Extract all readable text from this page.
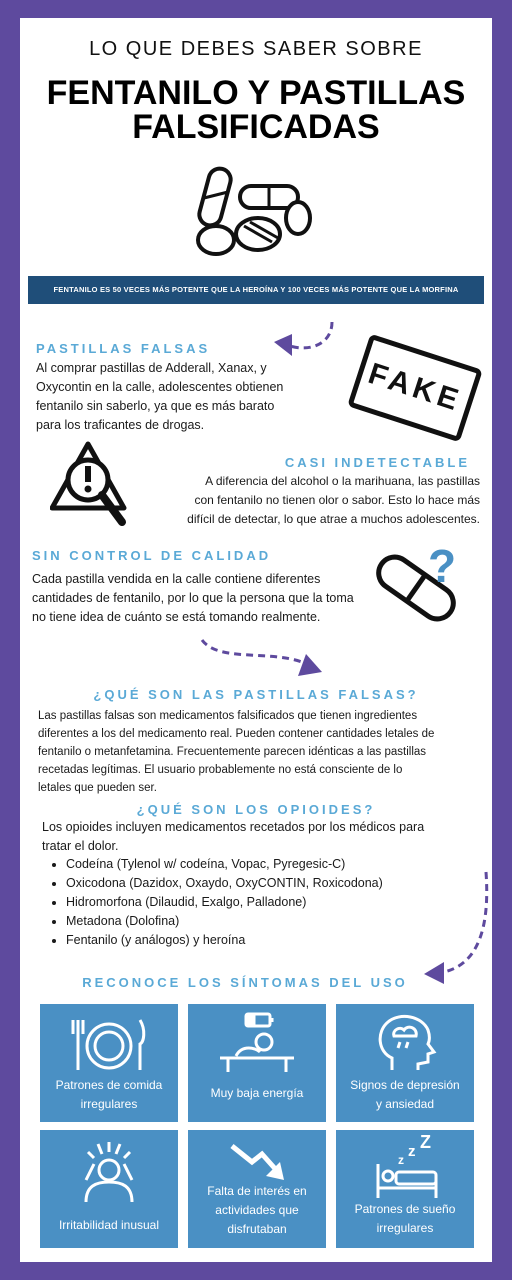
LO QUE DEBES SABER SOBRE
FENTANILO Y PASTILLAS
FALSIFICADAS
FENTANILO ES 50 VECES MÁS POTENTE QUE LA HEROÍNA Y 100 VECES MÁS POTENTE QUE LA MORFINA
PASTILLAS FALSAS
Al comprar pastillas de Adderall, Xanax, y
Oxycontin en la calle, adolescentes obtienen
fentanilo sin saberlo, ya que es más barato
para los traficantes de drogas.
FAKE
CASI INDETECTABLE
A diferencia del alcohol o la marihuana, las pastillas
con fentanilo no tienen olor o sabor. Esto lo hace más
difícil de detectar, lo que atrae a muchos adolescentes.
SIN CONTROL DE CALIDAD
Cada pastilla vendida en la calle contiene diferentes
cantidades de fentanilo, por lo que la persona que la toma
no tiene idea de cuánto se está tomando realmente.
?
¿QUÉ SON LAS PASTILLAS FALSAS?
Las pastillas falsas son medicamentos falsificados que tienen ingredientes
diferentes a los del medicamento real. Pueden contener cantidades letales de
fentanilo o metanfetamina. Frecuentemente parecen idénticas a las pastillas
recetadas legítimas. El usuario probablemente no está consciente de lo
letales que pueden ser.
¿QUÉ SON LOS OPIOIDES?
Los opioides incluyen medicamentos recetados por los médicos para
tratar el dolor.
• Codeína (Tylenol w/ codeína, Vopac, Pyregesic-C)
• Oxicodona (Dazidox, Oxaydo, OxyCONTIN, Roxicodona)
• Hidromorfona (Dilaudid, Exalgo, Palladone)
• Metadona (Dolofina)
• Fentanilo (y análogos) y heroína
RECONOCE LOS SÍNTOMAS DEL USO
Patrones de comida
irregulares
Muy baja energía
Signos de depresión
y ansiedad
Irritabilidad inusual
Falta de interés en
actividades que
disfrutaban
z z Z
Patrones de sueño
irregulares
